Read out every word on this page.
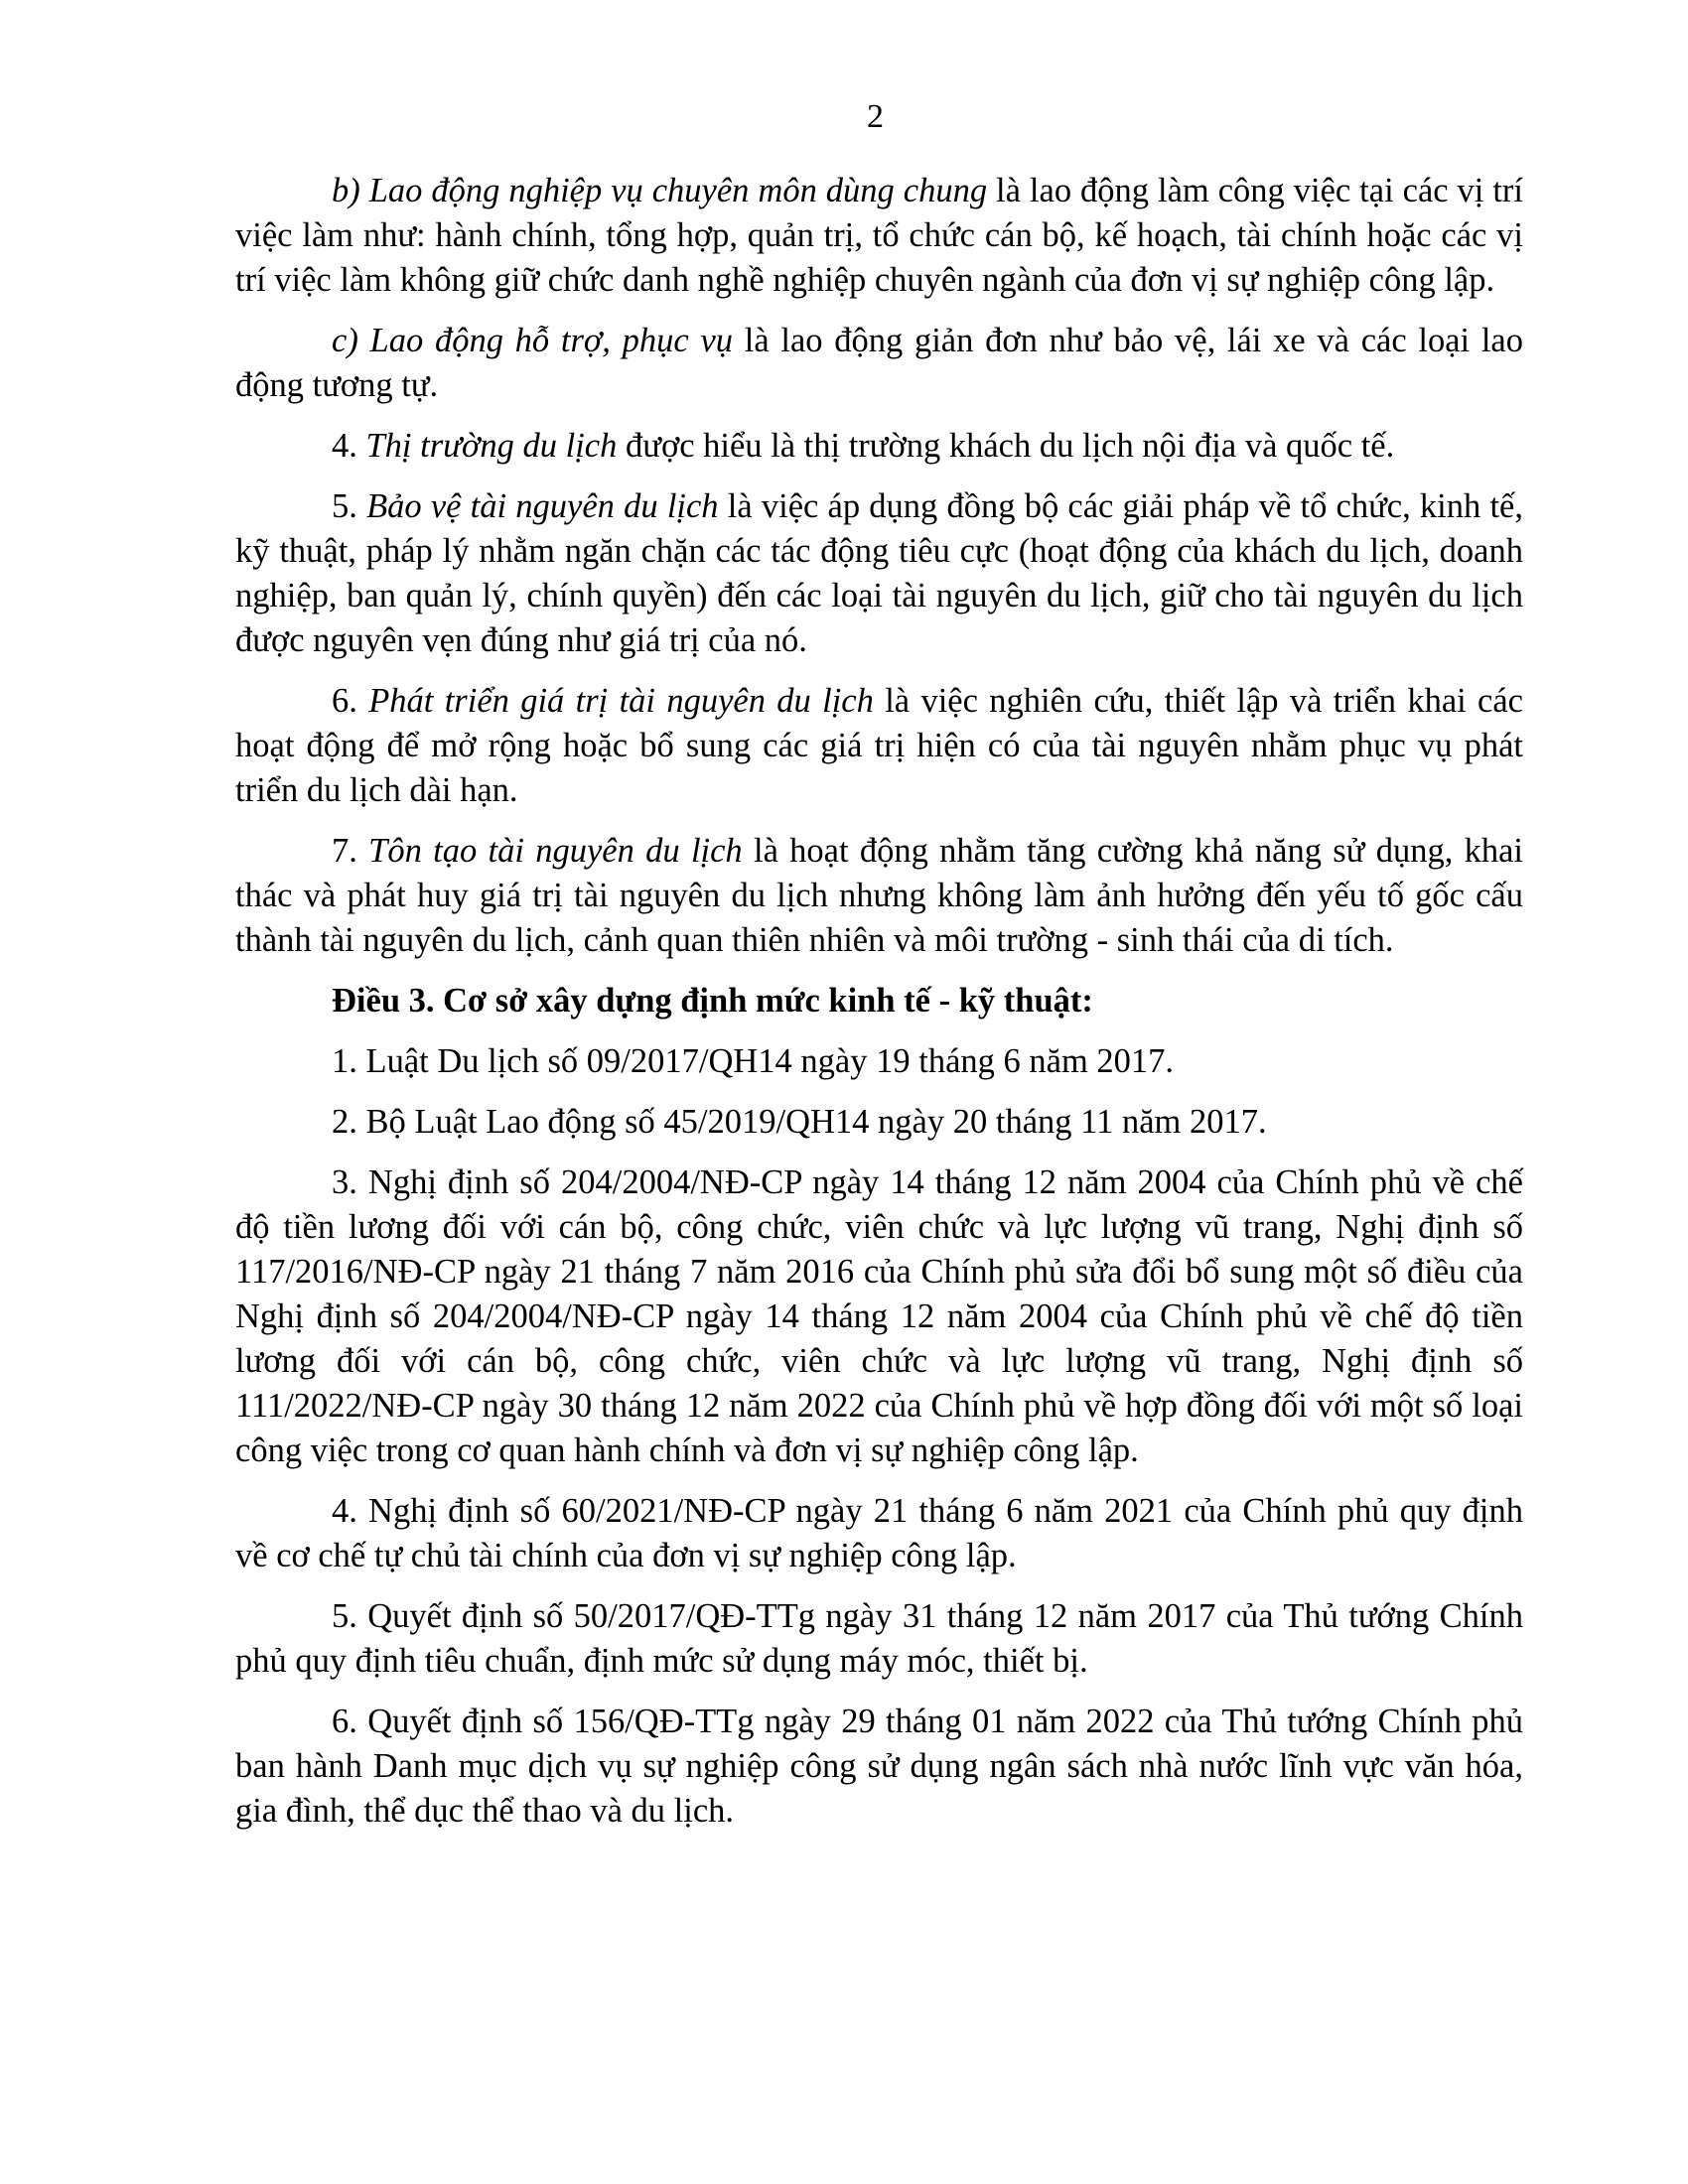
2

b) Lao động nghiệp vụ chuyên môn dùng chung là lao động làm công việc tại các vị trí việc làm như: hành chính, tổng hợp, quản trị, tổ chức cán bộ, kế hoạch, tài chính hoặc các vị trí việc làm không giữ chức danh nghề nghiệp chuyên ngành của đơn vị sự nghiệp công lập.

c) Lao động hỗ trợ, phục vụ là lao động giản đơn như bảo vệ, lái xe và các loại lao động tương tự.

4. Thị trường du lịch được hiểu là thị trường khách du lịch nội địa và quốc tế.

5. Bảo vệ tài nguyên du lịch là việc áp dụng đồng bộ các giải pháp về tổ chức, kinh tế, kỹ thuật, pháp lý nhằm ngăn chặn các tác động tiêu cực (hoạt động của khách du lịch, doanh nghiệp, ban quản lý, chính quyền) đến các loại tài nguyên du lịch, giữ cho tài nguyên du lịch được nguyên vẹn đúng như giá trị của nó.

6. Phát triển giá trị tài nguyên du lịch là việc nghiên cứu, thiết lập và triển khai các hoạt động để mở rộng hoặc bổ sung các giá trị hiện có của tài nguyên nhằm phục vụ phát triển du lịch dài hạn.

7. Tôn tạo tài nguyên du lịch là hoạt động nhằm tăng cường khả năng sử dụng, khai thác và phát huy giá trị tài nguyên du lịch nhưng không làm ảnh hưởng đến yếu tố gốc cấu thành tài nguyên du lịch, cảnh quan thiên nhiên và môi trường - sinh thái của di tích.

Điều 3. Cơ sở xây dựng định mức kinh tế - kỹ thuật:

1. Luật Du lịch số 09/2017/QH14 ngày 19 tháng 6 năm 2017.

2. Bộ Luật Lao động số 45/2019/QH14 ngày 20 tháng 11 năm 2017.

3. Nghị định số 204/2004/NĐ-CP ngày 14 tháng 12 năm 2004 của Chính phủ về chế độ tiền lương đối với cán bộ, công chức, viên chức và lực lượng vũ trang, Nghị định số 117/2016/NĐ-CP ngày 21 tháng 7 năm 2016 của Chính phủ sửa đổi bổ sung một số điều của Nghị định số 204/2004/NĐ-CP ngày 14 tháng 12 năm 2004 của Chính phủ về chế độ tiền lương đối với cán bộ, công chức, viên chức và lực lượng vũ trang, Nghị định số 111/2022/NĐ-CP ngày 30 tháng 12 năm 2022 của Chính phủ về hợp đồng đối với một số loại công việc trong cơ quan hành chính và đơn vị sự nghiệp công lập.

4. Nghị định số 60/2021/NĐ-CP ngày 21 tháng 6 năm 2021 của Chính phủ quy định về cơ chế tự chủ tài chính của đơn vị sự nghiệp công lập.

5. Quyết định số 50/2017/QĐ-TTg ngày 31 tháng 12 năm 2017 của Thủ tướng Chính phủ quy định tiêu chuẩn, định mức sử dụng máy móc, thiết bị.

6. Quyết định số 156/QĐ-TTg ngày 29 tháng 01 năm 2022 của Thủ tướng Chính phủ ban hành Danh mục dịch vụ sự nghiệp công sử dụng ngân sách nhà nước lĩnh vực văn hóa, gia đình, thể dục thể thao và du lịch.
